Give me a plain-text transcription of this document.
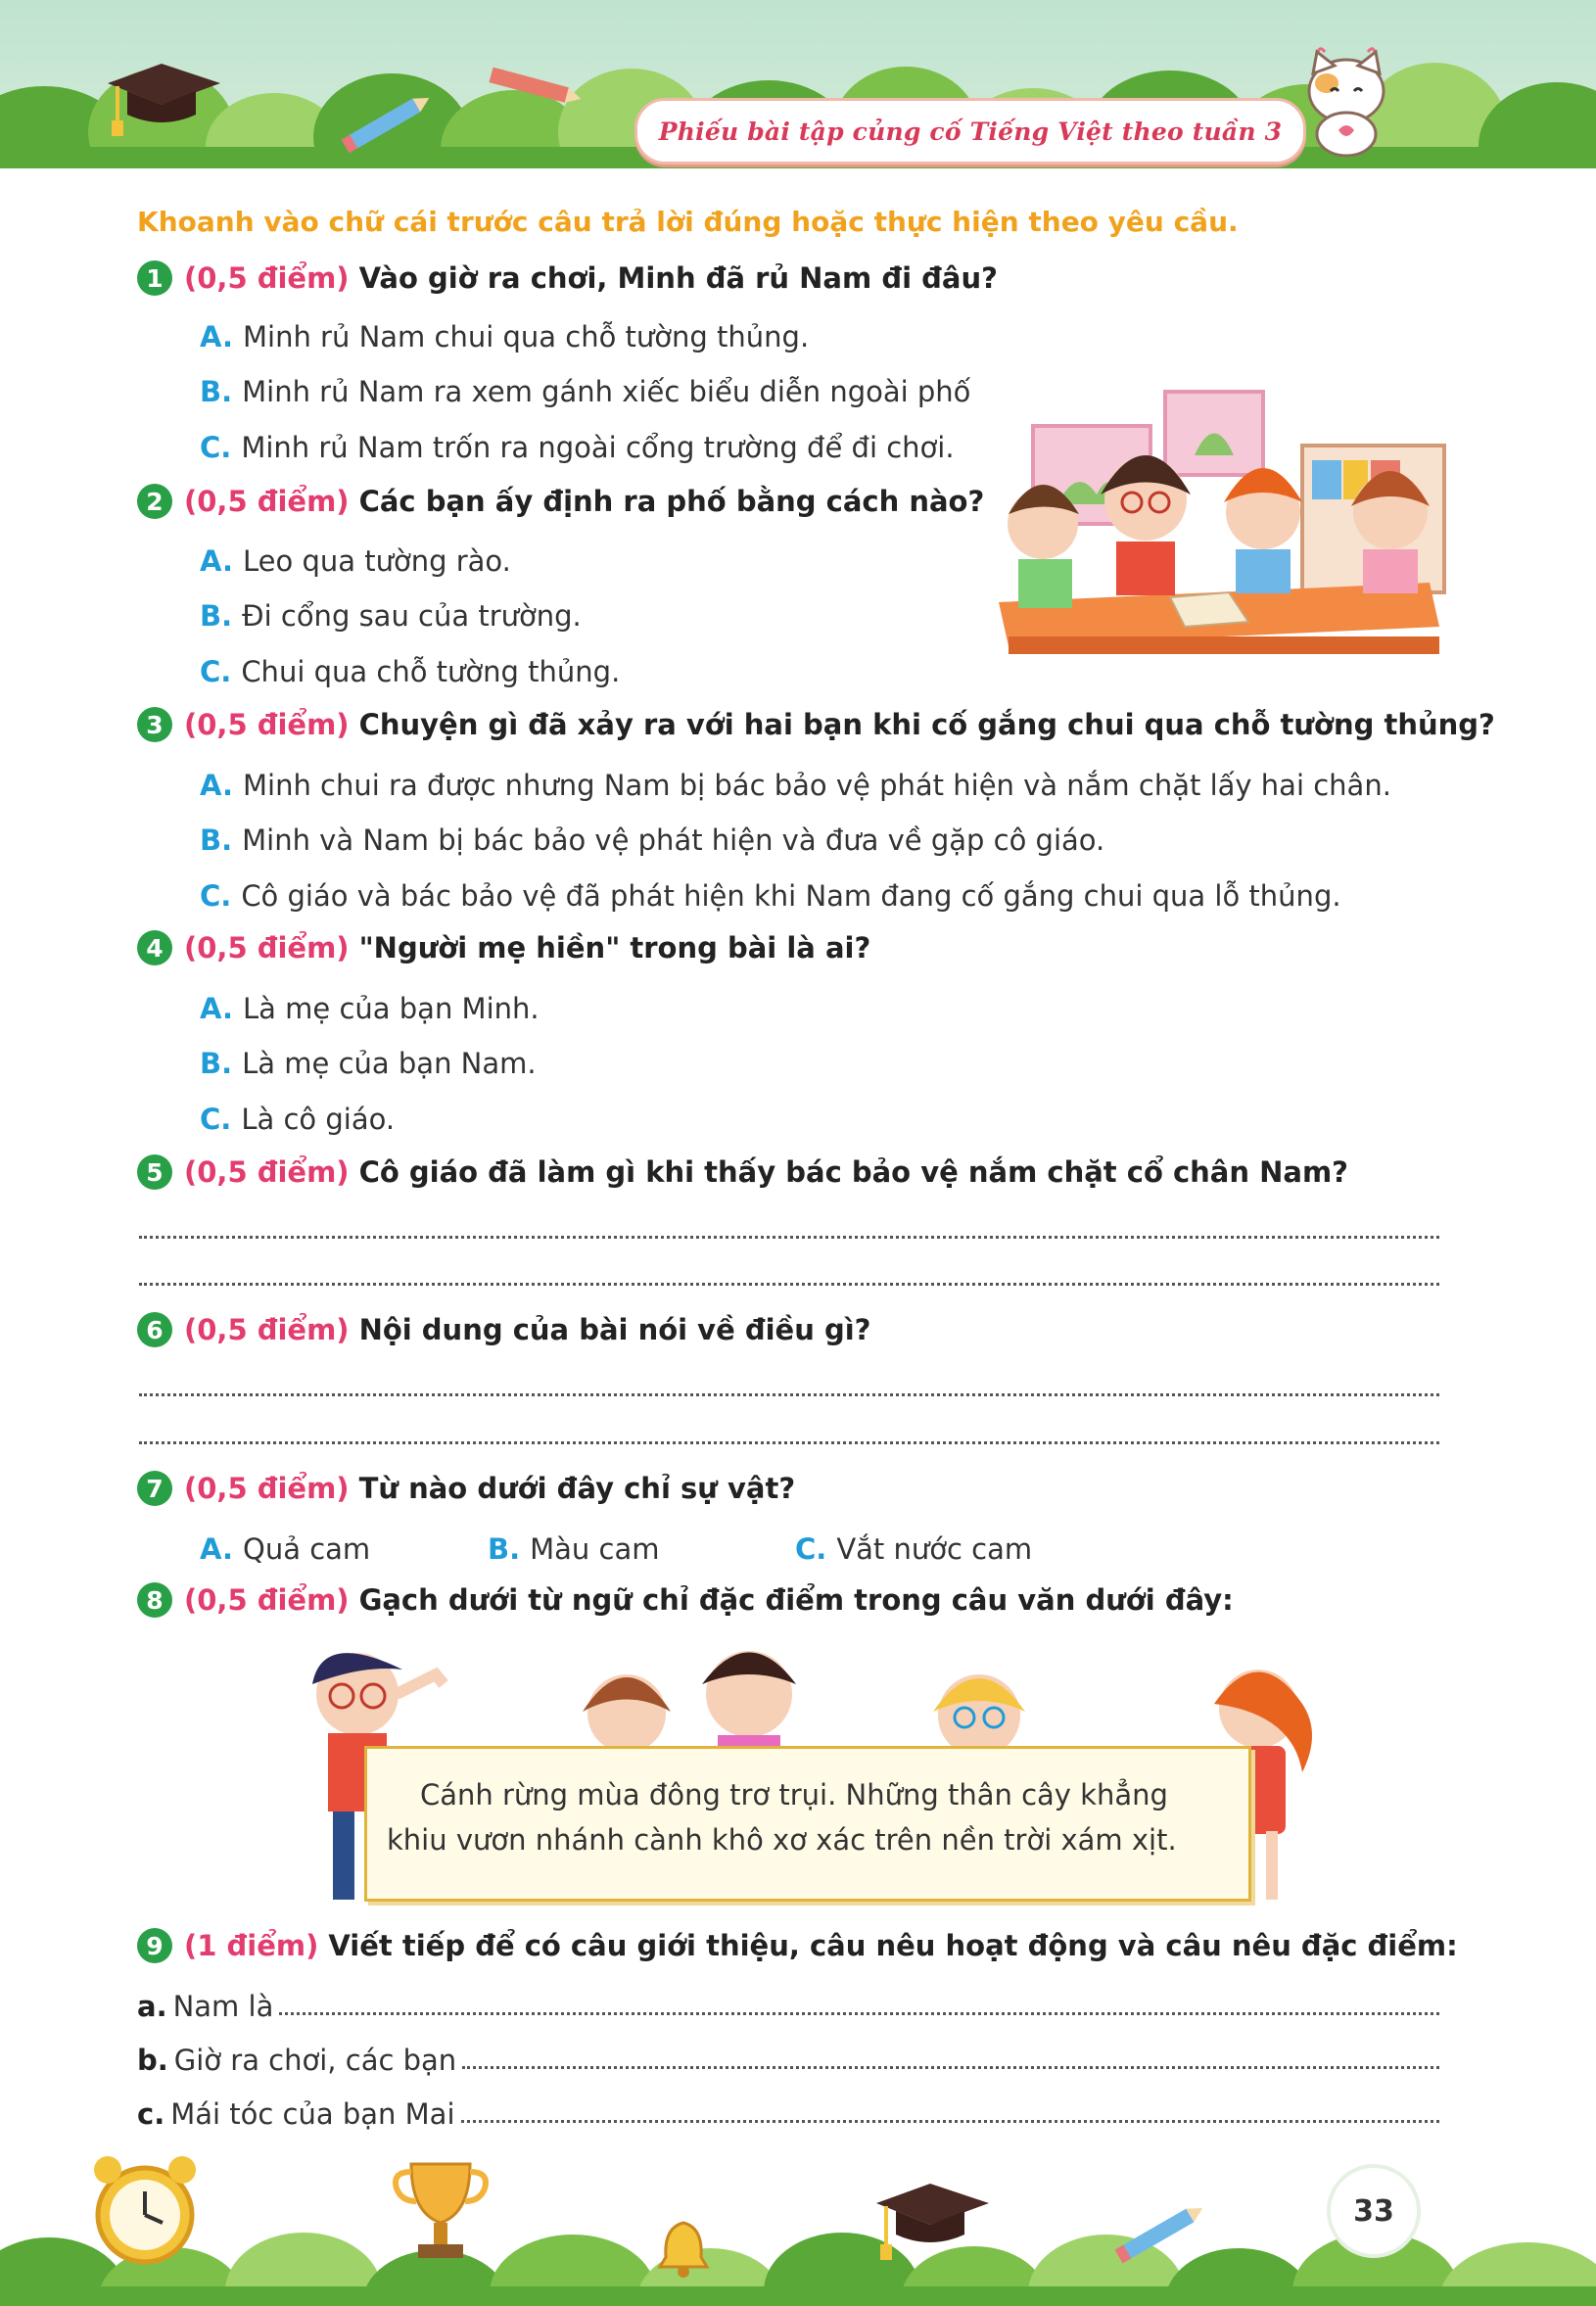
Phiếu bài tập củng cố Tiếng Việt theo tuần 3
Khoanh vào chữ cái trước câu trả lời đúng hoặc thực hiện theo yêu cầu.
1 (0,5 điểm) Vào giờ ra chơi, Minh đã rủ Nam đi đâu?
A. Minh rủ Nam chui qua chỗ tường thủng.
B. Minh rủ Nam ra xem gánh xiếc biểu diễn ngoài phố
C. Minh rủ Nam trốn ra ngoài cổng trường để đi chơi.
2 (0,5 điểm) Các bạn ấy định ra phố bằng cách nào?
A. Leo qua tường rào.
B. Đi cổng sau của trường.
C. Chui qua chỗ tường thủng.
3 (0,5 điểm) Chuyện gì đã xảy ra với hai bạn khi cố gắng chui qua chỗ tường thủng?
A. Minh chui ra được nhưng Nam bị bác bảo vệ phát hiện và nắm chặt lấy hai chân.
B. Minh và Nam bị bác bảo vệ phát hiện và đưa về gặp cô giáo.
C. Cô giáo và bác bảo vệ đã phát hiện khi Nam đang cố gắng chui qua lỗ thủng.
4 (0,5 điểm) "Người mẹ hiền" trong bài là ai?
A. Là mẹ của bạn Minh.
B. Là mẹ của bạn Nam.
C. Là cô giáo.
5 (0,5 điểm) Cô giáo đã làm gì khi thấy bác bảo vệ nắm chặt cổ chân Nam?
6 (0,5 điểm) Nội dung của bài nói về điều gì?
7 (0,5 điểm) Từ nào dưới đây chỉ sự vật?
A. Quả cam	B. Màu cam	C. Vắt nước cam
8 (0,5 điểm) Gạch dưới từ ngữ chỉ đặc điểm trong câu văn dưới đây:
Cánh rừng mùa đông trơ trụi. Những thân cây khẳng
khiu vươn nhánh cành khô xơ xác trên nền trời xám xịt.
9 (1 điểm) Viết tiếp để có câu giới thiệu, câu nêu hoạt động và câu nêu đặc điểm:
a. Nam là
b. Giờ ra chơi, các bạn
c. Mái tóc của bạn Mai
33
